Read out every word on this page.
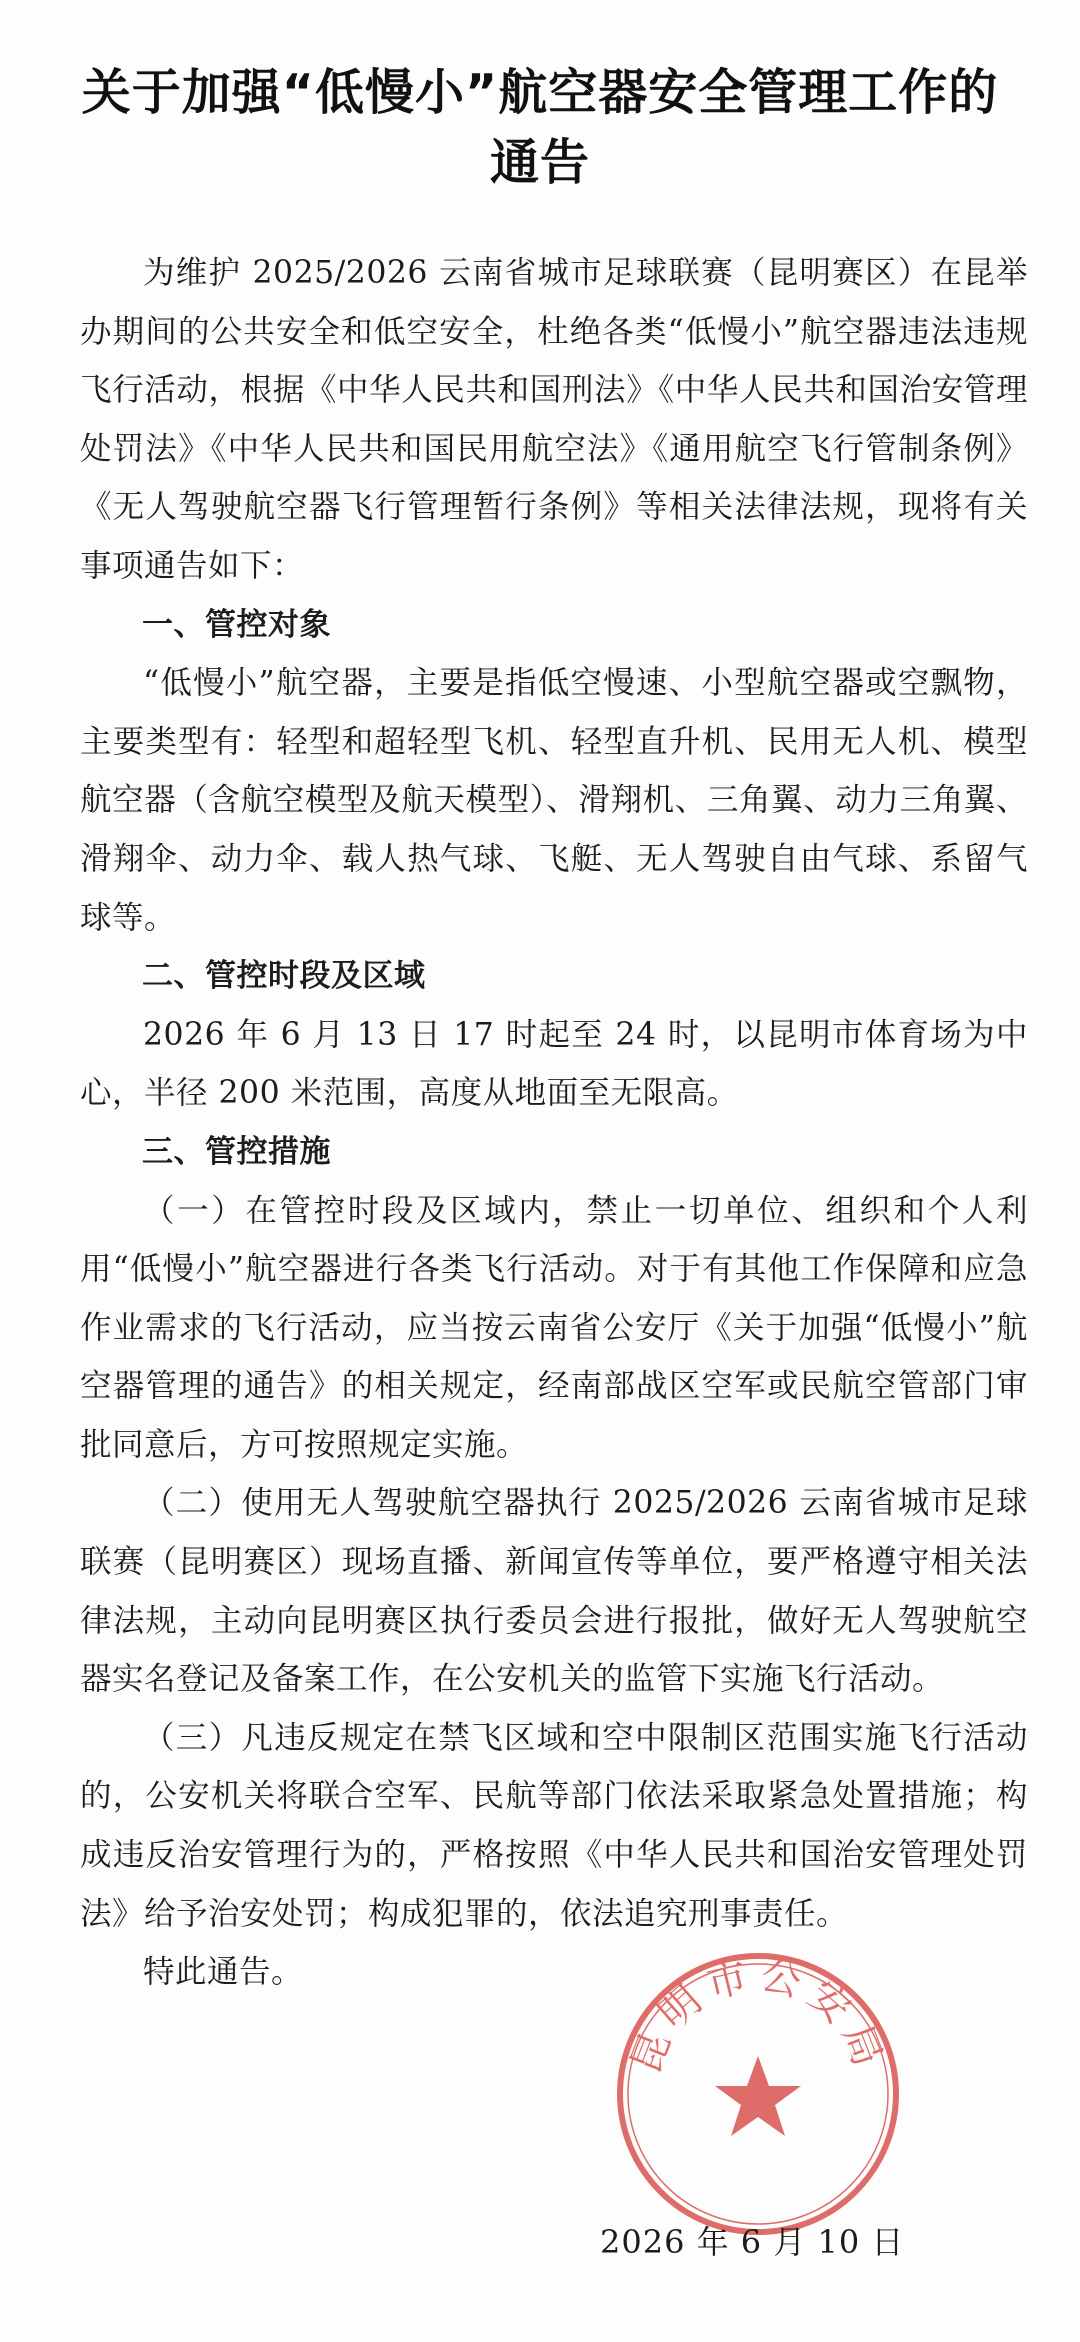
关于加强“低慢小”航空器安全管理工作的
通告

为维护 2025/2026 云南省城市足球联赛（昆明赛区）在昆举办期间的公共安全和低空安全，杜绝各类“低慢小”航空器违法违规飞行活动，根据《中华人民共和国刑法》《中华人民共和国治安管理处罚法》《中华人民共和国民用航空法》《通用航空飞行管制条例》《无人驾驶航空器飞行管理暂行条例》等相关法律法规，现将有关事项通告如下：

一、管控对象

“低慢小”航空器，主要是指低空慢速、小型航空器或空飘物，主要类型有：轻型和超轻型飞机、轻型直升机、民用无人机、模型航空器（含航空模型及航天模型）、滑翔机、三角翼、动力三角翼、滑翔伞、动力伞、载人热气球、飞艇、无人驾驶自由气球、系留气球等。

二、管控时段及区域

2026 年 6 月 13 日 17 时起至 24 时，以昆明市体育场为中心，半径 200 米范围，高度从地面至无限高。

三、管控措施

（一）在管控时段及区域内，禁止一切单位、组织和个人利用“低慢小”航空器进行各类飞行活动。对于有其他工作保障和应急作业需求的飞行活动，应当按云南省公安厅《关于加强“低慢小”航空器管理的通告》的相关规定，经南部战区空军或民航空管部门审批同意后，方可按照规定实施。

（二）使用无人驾驶航空器执行 2025/2026 云南省城市足球联赛（昆明赛区）现场直播、新闻宣传等单位，要严格遵守相关法律法规，主动向昆明赛区执行委员会进行报批，做好无人驾驶航空器实名登记及备案工作，在公安机关的监管下实施飞行活动。

（三）凡违反规定在禁飞区域和空中限制区范围实施飞行活动的，公安机关将联合空军、民航等部门依法采取紧急处置措施；构成违反治安管理行为的，严格按照《中华人民共和国治安管理处罚法》给予治安处罚；构成犯罪的，依法追究刑事责任。

特此通告。

昆明市公安局
2026 年 6 月 10 日
